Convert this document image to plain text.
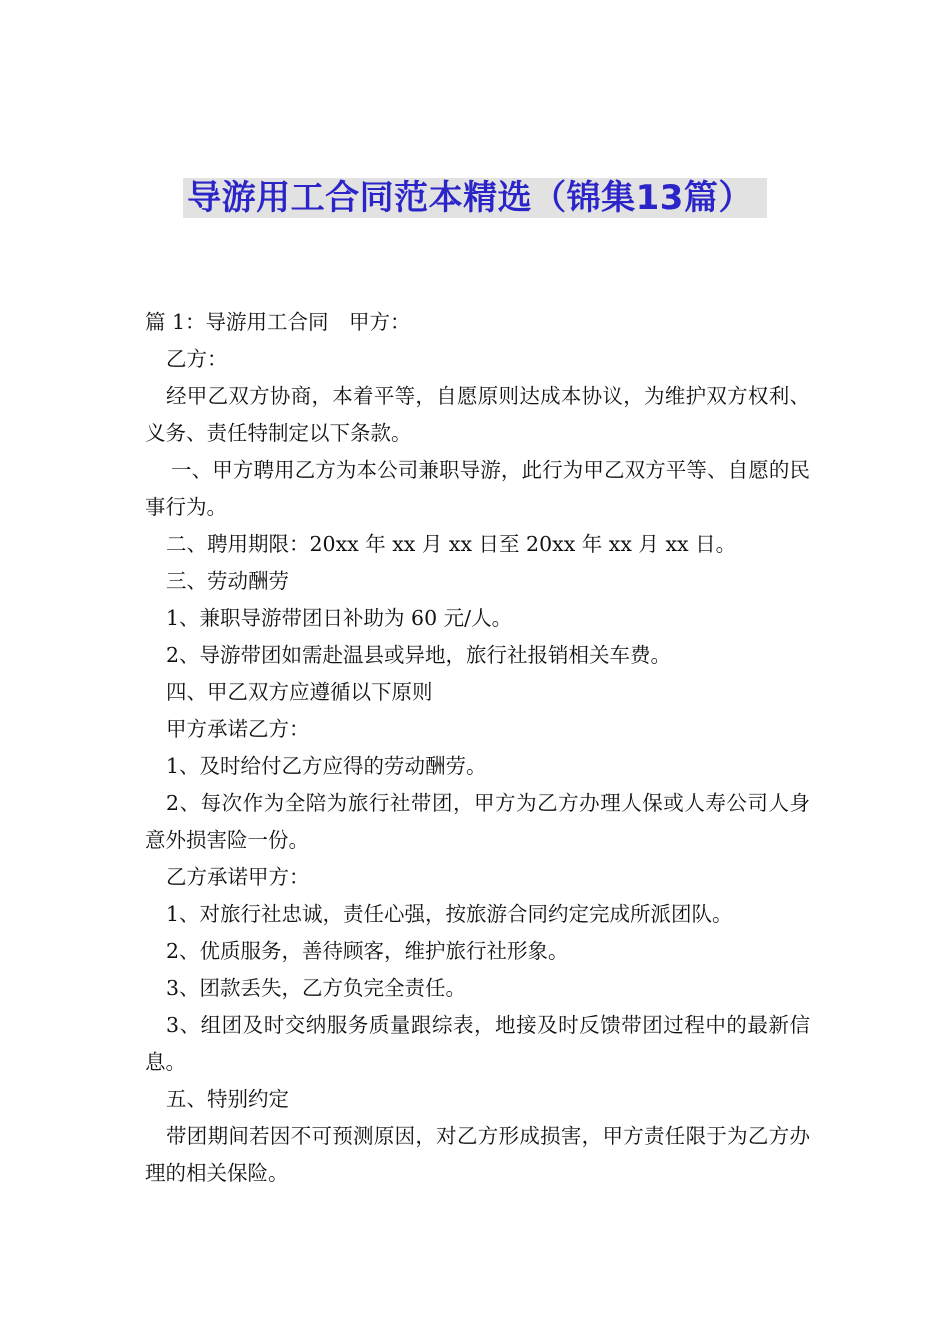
导游用工合同范本精选（锦集13篇）

篇 1：导游用工合同　甲方：

乙方：

经甲乙双方协商，本着平等，自愿原则达成本协议，为维护双方权利、义务、责任特制定以下条款。

一、甲方聘用乙方为本公司兼职导游，此行为甲乙双方平等、自愿的民事行为。

二、聘用期限：20xx 年 xx 月 xx 日至 20xx 年 xx 月 xx 日。

三、劳动酬劳

1、兼职导游带团日补助为 60 元/人。

2、导游带团如需赴温县或异地，旅行社报销相关车费。

四、甲乙双方应遵循以下原则

甲方承诺乙方：

1、及时给付乙方应得的劳动酬劳。

2、每次作为全陪为旅行社带团，甲方为乙方办理人保或人寿公司人身意外损害险一份。

乙方承诺甲方：

1、对旅行社忠诚，责任心强，按旅游合同约定完成所派团队。

2、优质服务，善待顾客，维护旅行社形象。

3、团款丢失，乙方负完全责任。

3、组团及时交纳服务质量跟综表，地接及时反馈带团过程中的最新信息。

五、特别约定

带团期间若因不可预测原因，对乙方形成损害，甲方责任限于为乙方办理的相关保险。
